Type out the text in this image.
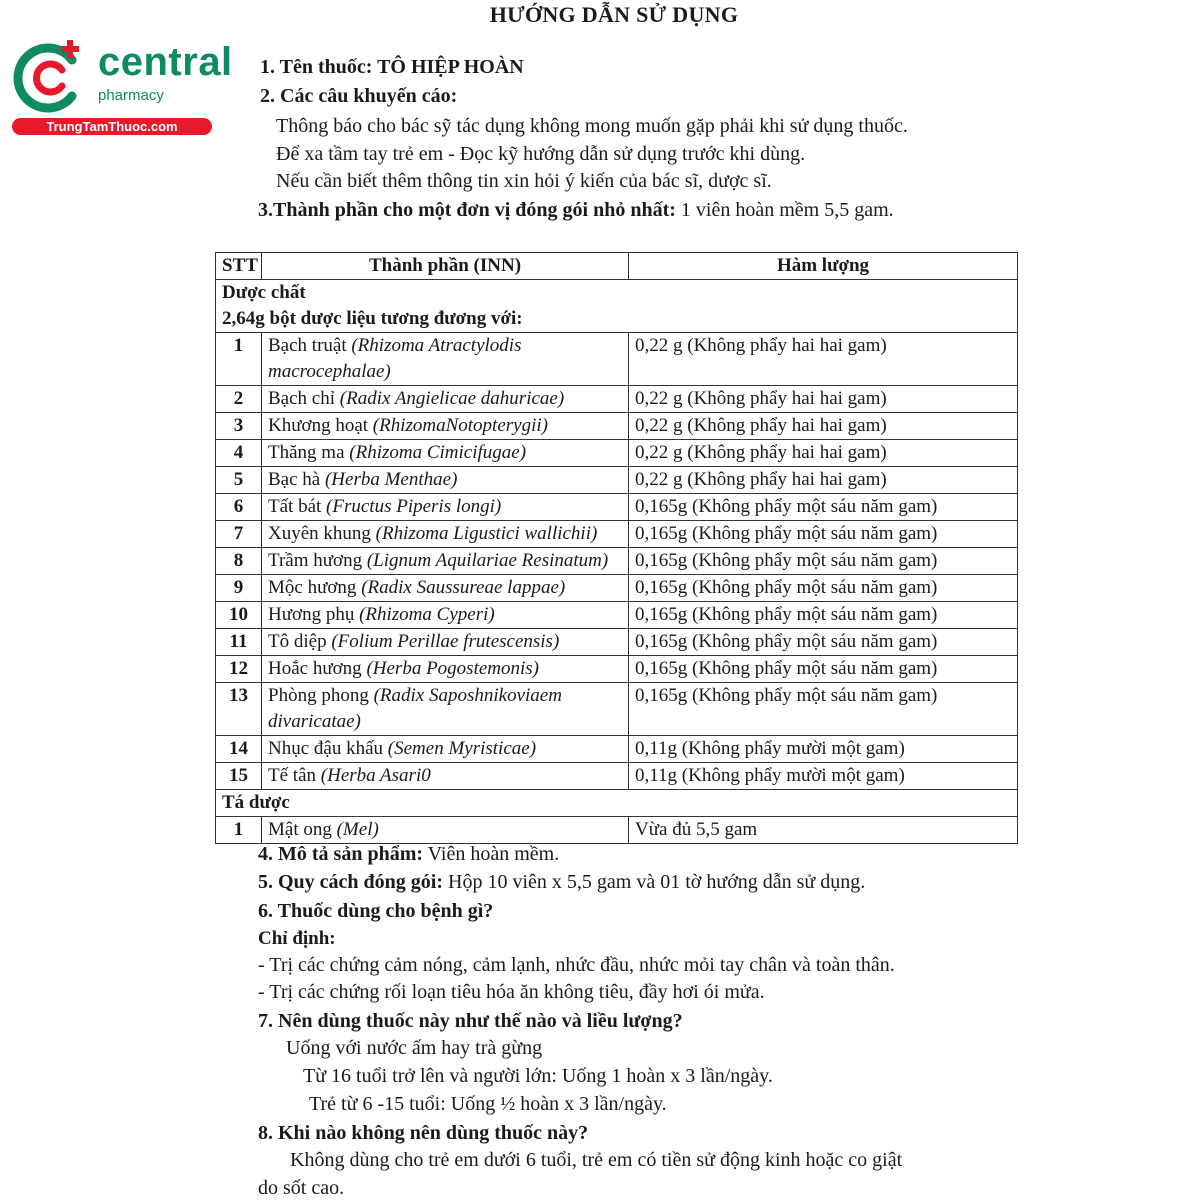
central
pharmacy
TrungTamThuoc.com
HƯỚNG DẪN SỬ DỤNG
1. Tên thuốc: TÔ HIỆP HOÀN
2. Các câu khuyến cáo:
Thông báo cho bác sỹ tác dụng không mong muốn gặp phải khi sử dụng thuốc.
Để xa tầm tay trẻ em - Đọc kỹ hướng dẫn sử dụng trước khi dùng.
Nếu cần biết thêm thông tin xin hỏi ý kiến của bác sĩ, dược sĩ.
3.Thành phần cho một đơn vị đóng gói nhỏ nhất: 1 viên hoàn mềm 5,5 gam.
STT	Thành phần (INN)	Hàm lượng
Dược chất		
2,64g bột dược liệu tương đương với:		
1	Bạch truật (Rhizoma Atractylodis macrocephalae)	0,22 g (Không phẩy hai hai gam)
2	Bạch chỉ (Radix Angielicae dahuricae)	0,22 g (Không phẩy hai hai gam)
3	Khương hoạt (RhizomaNotopterygii)	0,22 g (Không phẩy hai hai gam)
4	Thăng ma (Rhizoma Cimicifugae)	0,22 g (Không phẩy hai hai gam)
5	Bạc hà (Herba Menthae)	0,22 g (Không phẩy hai hai gam)
6	Tất bát (Fructus Piperis longi)	0,165g (Không phẩy một sáu năm gam)
7	Xuyên khung (Rhizoma Ligustici wallichii)	0,165g (Không phẩy một sáu năm gam)
8	Trầm hương (Lignum Aquilariae Resinatum)	0,165g (Không phẩy một sáu năm gam)
9	Mộc hương (Radix Saussureae lappae)	0,165g (Không phẩy một sáu năm gam)
10	Hương phụ (Rhizoma Cyperi)	0,165g (Không phẩy một sáu năm gam)
11	Tô diệp (Folium Perillae frutescensis)	0,165g (Không phẩy một sáu năm gam)
12	Hoắc hương (Herba Pogostemonis)	0,165g (Không phẩy một sáu năm gam)
13	Phòng phong (Radix Saposhnikoviaem divaricatae)	0,165g (Không phẩy một sáu năm gam)
14	Nhục đậu khấu (Semen Myristicae)	0,11g (Không phẩy mười một gam)
15	Tế tân (Herba Asari0	0,11g (Không phẩy mười một gam)
Tá dược		
1	Mật ong (Mel)	Vừa đủ 5,5 gam
4. Mô tả sản phẩm: Viên hoàn mềm.
5. Quy cách đóng gói: Hộp 10 viên x 5,5 gam và 01 tờ hướng dẫn sử dụng.
6. Thuốc dùng cho bệnh gì?
Chỉ định:
- Trị các chứng cảm nóng, cảm lạnh, nhức đầu, nhức mỏi tay chân và toàn thân.
- Trị các chứng rối loạn tiêu hóa ăn không tiêu, đầy hơi ói mửa.
7. Nên dùng thuốc này như thế nào và liều lượng?
Uống với nước ấm hay trà gừng
Từ 16 tuổi trở lên và người lớn: Uống 1 hoàn x 3 lần/ngày.
Trẻ từ 6 -15 tuổi: Uống ½ hoàn x 3 lần/ngày.
8. Khi nào không nên dùng thuốc này?
Không dùng cho trẻ em dưới 6 tuổi, trẻ em có tiền sử động kinh hoặc co giật
do sốt cao.
